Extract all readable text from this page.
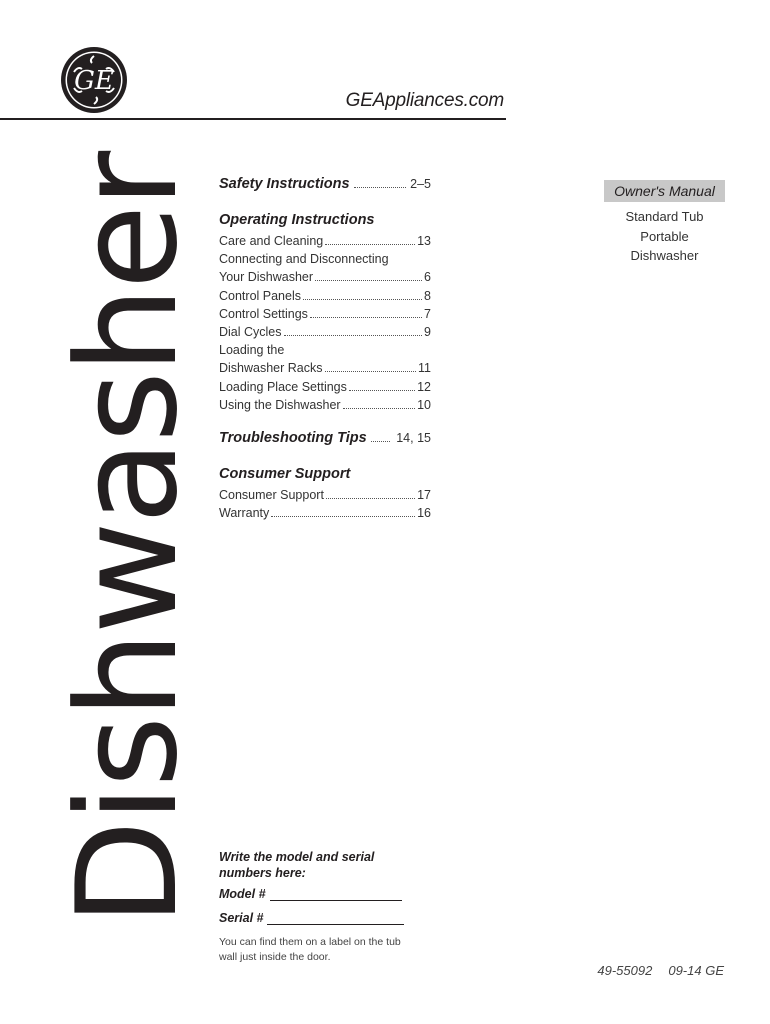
GE
GEAppliances.com
Dishwasher Safety Instructions	2–5
Operating Instructions
Care and Cleaning	13
Connecting and Disconnecting
Your Dishwasher	6
Control Panels	8
Control Settings	7
Dial Cycles	9
Loading the
Dishwasher Racks	11
Loading Place Settings	12
Using the Dishwasher	10
Troubleshooting Tips 14, 15
Consumer Support
Consumer Support	17
Warranty	16
Owner's Manual
Standard Tub
Portable
Dishwasher
Write the model and serial numbers here:
Model #
Serial #
You can find them on a label on the tub wall just inside the door.
49-55092 09-14 GE
